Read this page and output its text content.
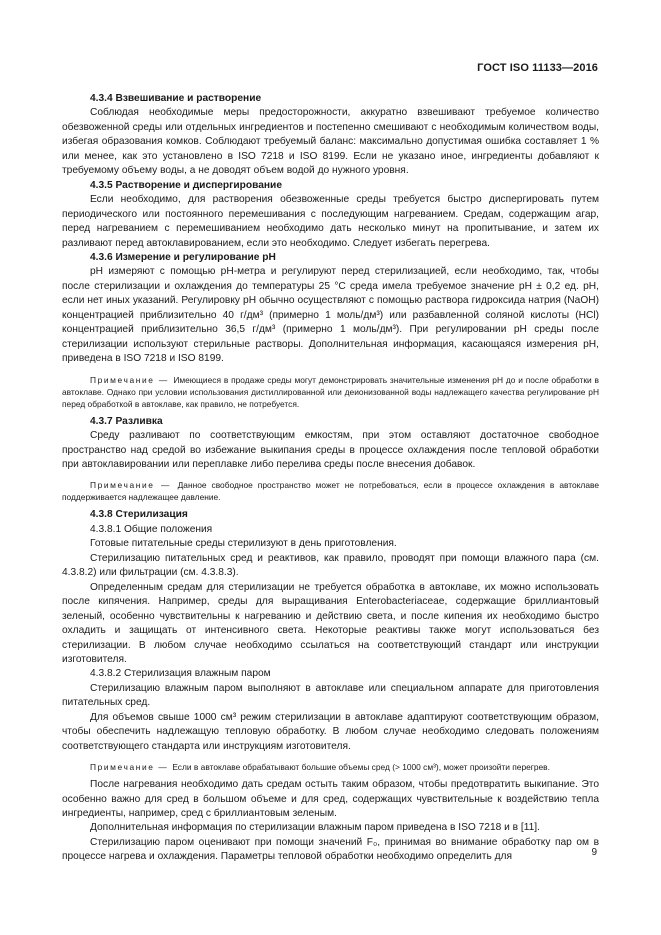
ГОСТ ISO 11133—2016

4.3.4 Взвешивание и растворение

Соблюдая необходимые меры предосторожности, аккуратно взвешивают требуемое количество обезвоженной среды или отдельных ингредиентов и постепенно смешивают с необходимым количеством воды, избегая образования комков. Соблюдают требуемый баланс: максимально допустимая ошибка составляет 1 % или менее, как это установлено в ISO 7218 и ISO 8199. Если не указано иное, ингредиенты добавляют к требуемому объему воды, а не доводят объем водой до нужного уровня.

4.3.5 Растворение и диспергирование

Если необходимо, для растворения обезвоженные среды требуется быстро диспергировать путем периодического или постоянного перемешивания с последующим нагреванием. Средам, содержащим агар, перед нагреванием с перемешиванием необходимо дать несколько минут на пропитывание, и затем их разливают перед автоклавированием, если это необходимо. Следует избегать перегрева.

4.3.6 Измерение и регулирование pH

pH измеряют с помощью pH-метра и регулируют перед стерилизацией, если необходимо, так, чтобы после стерилизации и охлаждения до температуры 25 °C среда имела требуемое значение pH ± 0,2 ед. pH, если нет иных указаний. Регулировку pH обычно осуществляют с помощью раствора гидроксида натрия (NaOH) концентрацией приблизительно 40 г/дм³ (примерно 1 моль/дм³) или разбавленной соляной кислоты (HCl) концентрацией приблизительно 36,5 г/дм³ (примерно 1 моль/дм³). При регулировании pH среды после стерилизации используют стерильные растворы. Дополнительная информация, касающаяся измерения pH, приведена в ISO 7218 и ISO 8199.

Примечание — Имеющиеся в продаже среды могут демонстрировать значительные изменения pH до и после обработки в автоклаве. Однако при условии использования дистиллированной или деионизованной воды надлежащего качества регулирование pH перед обработкой в автоклаве, как правило, не потребуется.

4.3.7 Разливка

Среду разливают по соответствующим емкостям, при этом оставляют достаточное свободное пространство над средой во избежание выкипания среды в процессе охлаждения после тепловой обработки при автоклавировании или переплавке либо перелива среды после внесения добавок.

Примечание — Данное свободное пространство может не потребоваться, если в процессе охлаждения в автоклаве поддерживается надлежащее давление.

4.3.8 Стерилизация

4.3.8.1 Общие положения

Готовые питательные среды стерилизуют в день приготовления.

Стерилизацию питательных сред и реактивов, как правило, проводят при помощи влажного пара (см. 4.3.8.2) или фильтрации (см. 4.3.8.3).

Определенным средам для стерилизации не требуется обработка в автоклаве, их можно использовать после кипячения. Например, среды для выращивания Enterobacteriaceae, содержащие бриллиантовый зеленый, особенно чувствительны к нагреванию и действию света, и после кипения их необходимо быстро охладить и защищать от интенсивного света. Некоторые реактивы также могут использоваться без стерилизации. В любом случае необходимо ссылаться на соответствующий стандарт или инструкции изготовителя.

4.3.8.2 Стерилизация влажным паром

Стерилизацию влажным паром выполняют в автоклаве или специальном аппарате для приготовления питательных сред.

Для объемов свыше 1000 см³ режим стерилизации в автоклаве адаптируют соответствующим образом, чтобы обеспечить надлежащую тепловую обработку. В любом случае необходимо следовать положениям соответствующего стандарта или инструкциям изготовителя.

Примечание — Если в автоклаве обрабатывают большие объемы сред (> 1000 см³), может произойти перегрев.

После нагревания необходимо дать средам остыть таким образом, чтобы предотвратить выкипание. Это особенно важно для сред в большом объеме и для сред, содержащих чувствительные к воздействию тепла ингредиенты, например, сред с бриллиантовым зеленым.

Дополнительная информация по стерилизации влажным паром приведена в ISO 7218 и в [11].

Стерилизацию паром оценивают при помощи значений F₀, принимая во внимание обработку пар ом в процессе нагрева и охлаждения. Параметры тепловой обработки необходимо определить для	9
